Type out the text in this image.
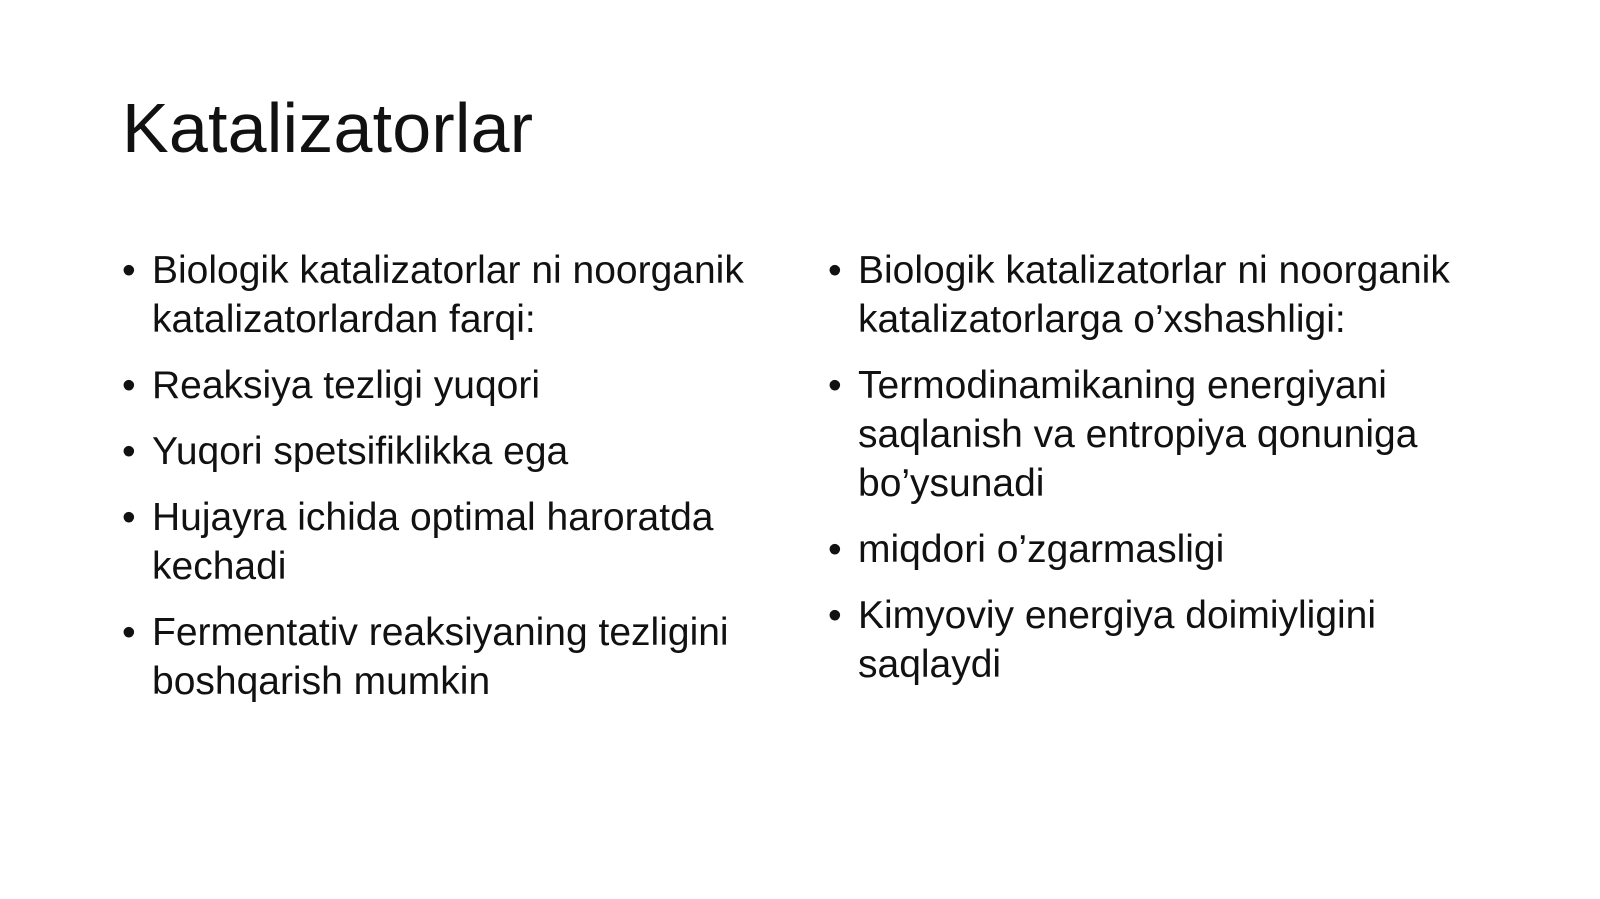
Katalizatorlar
• Biologik katalizatorlar ni noorganik katalizatorlardan farqi:
• Reaksiya tezligi yuqori
• Yuqori spetsifiklikka ega
• Hujayra ichida optimal haroratda kechadi
• Fermentativ reaksiyaning tezligini boshqarish mumkin
• Biologik katalizatorlar ni noorganik katalizatorlarga o’xshashligi:
• Termodinamikaning energiyani saqlanish va entropiya qonuniga bo’ysunadi
• miqdori o’zgarmasligi
• Kimyoviy energiya doimiyligini saqlaydi
